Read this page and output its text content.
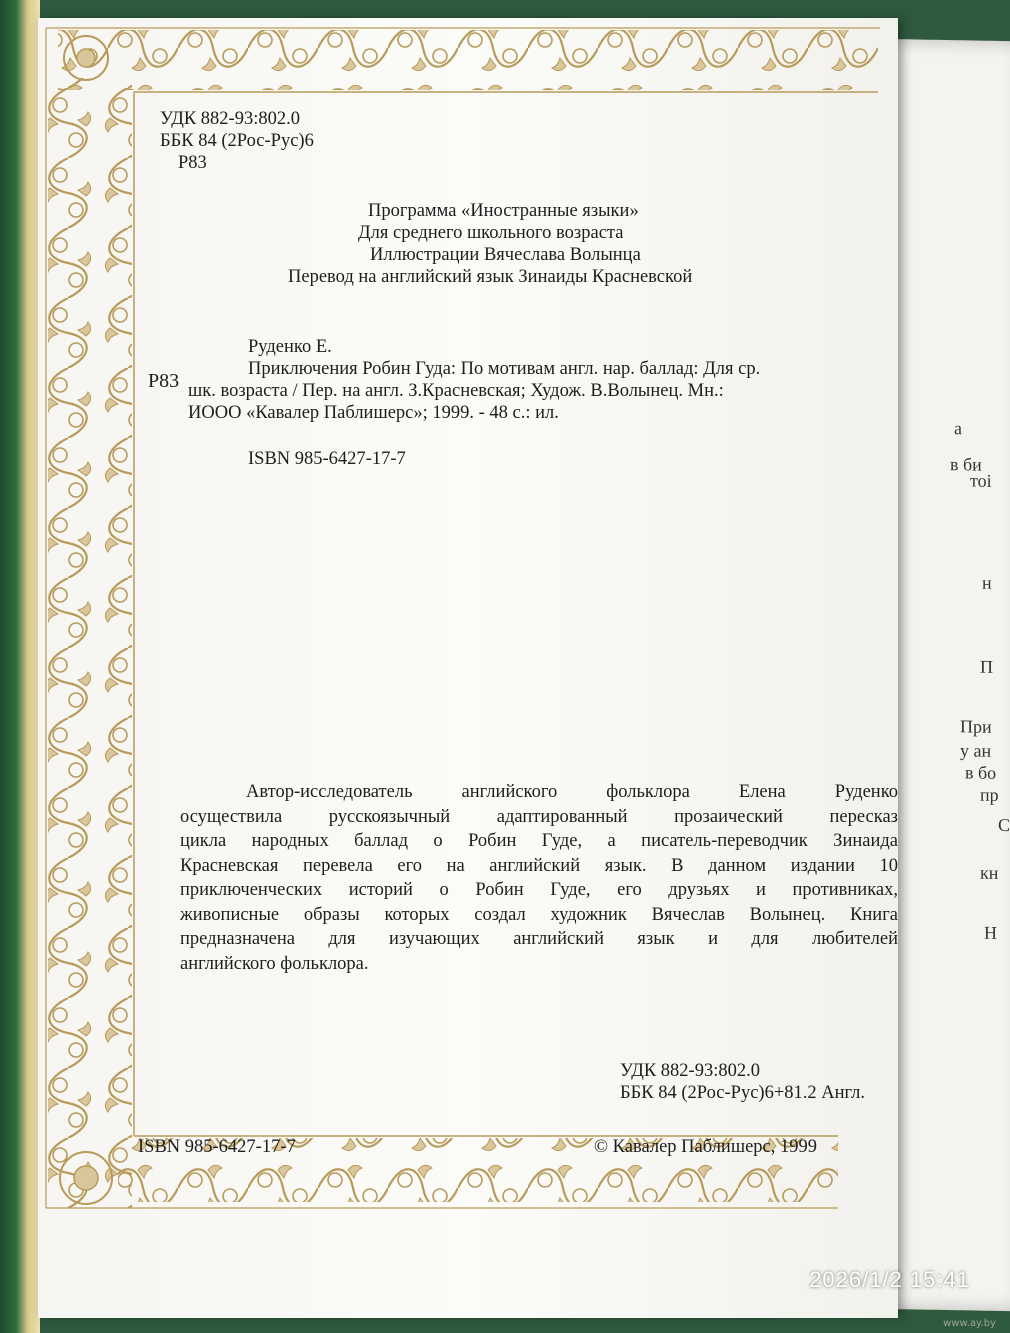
а
в би
тоі
н
П
При
у ан
в бо
пр
С
кн
Н
УДК 882-93:802.0
ББК 84 (2Рос-Рус)6
Р83
Программа «Иностранные языки»
Для среднего школьного возраста
Иллюстрации Вячеслава Волынца
Перевод на английский язык Зинаиды Красневской
Руденко Е.
Р83
Приключения Робин Гуда: По мотивам англ. нар. баллад: Для ср.
шк. возраста / Пер. на англ. З.Красневская; Худож. В.Волынец. Мн.:
ИООО «Кавалер Паблишерс»; 1999. - 48 с.: ил.
ISBN 985-6427-17-7
Автор-исследователь английского фольклора Елена Руденко
осуществила русскоязычный адаптированный прозаический пересказ
цикла народных баллад о Робин Гуде, а писатель-переводчик Зинаида
Красневская перевела его на английский язык. В данном издании 10
приключенческих историй о Робин Гуде, его друзьях и противниках,
живописные образы которых создал художник Вячеслав Волынец. Книга
предназначена для изучающих английский язык и для любителей
английского фольклора.
УДК 882-93:802.0
ББК 84 (2Рос-Рус)6+81.2 Англ.
ISBN 985-6427-17-7	© Кавалер Паблишерс, 1999
2026/1/2 15:41
www.ay.by
